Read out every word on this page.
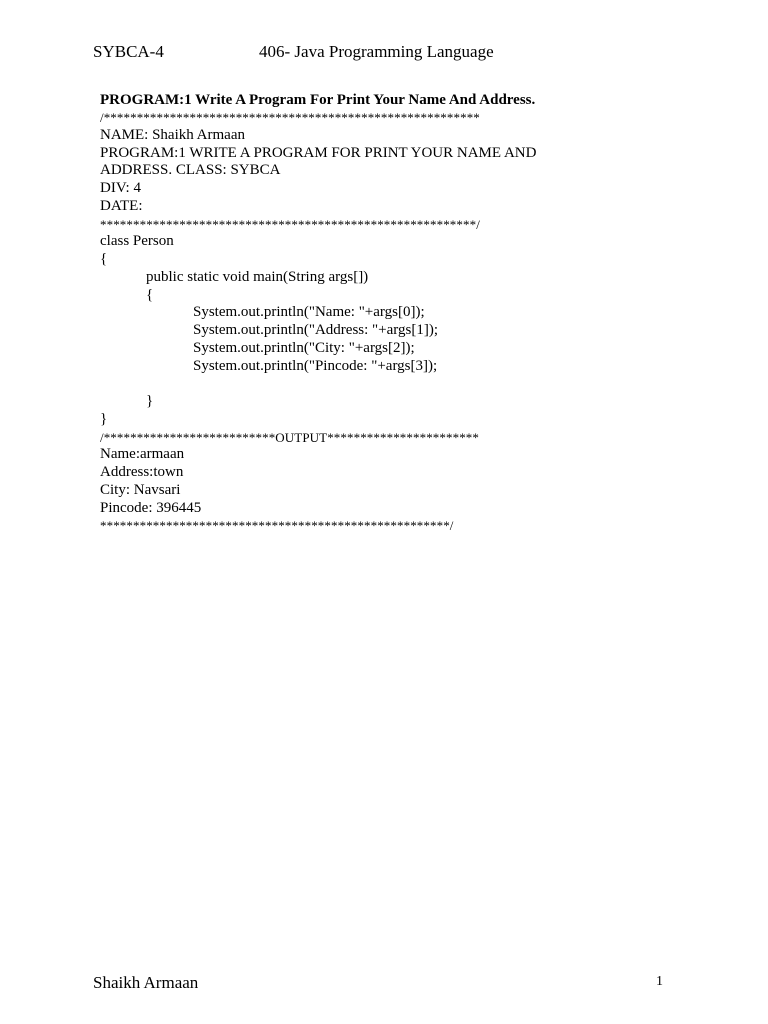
SYBCA-4	406- Java Programming Language
PROGRAM:1 Write A Program For Print Your Name And Address.
/*********************************************************
NAME: Shaikh Armaan
PROGRAM:1 WRITE A PROGRAM FOR PRINT YOUR NAME AND
ADDRESS. CLASS: SYBCA
DIV: 4
DATE:
*********************************************************/
class Person
{
public static void main(String args[])
{
System.out.println("Name: "+args[0]);
System.out.println("Address: "+args[1]);
System.out.println("City: "+args[2]);
System.out.println("Pincode: "+args[3]);
}
}
/**************************OUTPUT***********************
Name:armaan
Address:town
City: Navsari
Pincode: 396445
*****************************************************/
Shaikh Armaan	1
